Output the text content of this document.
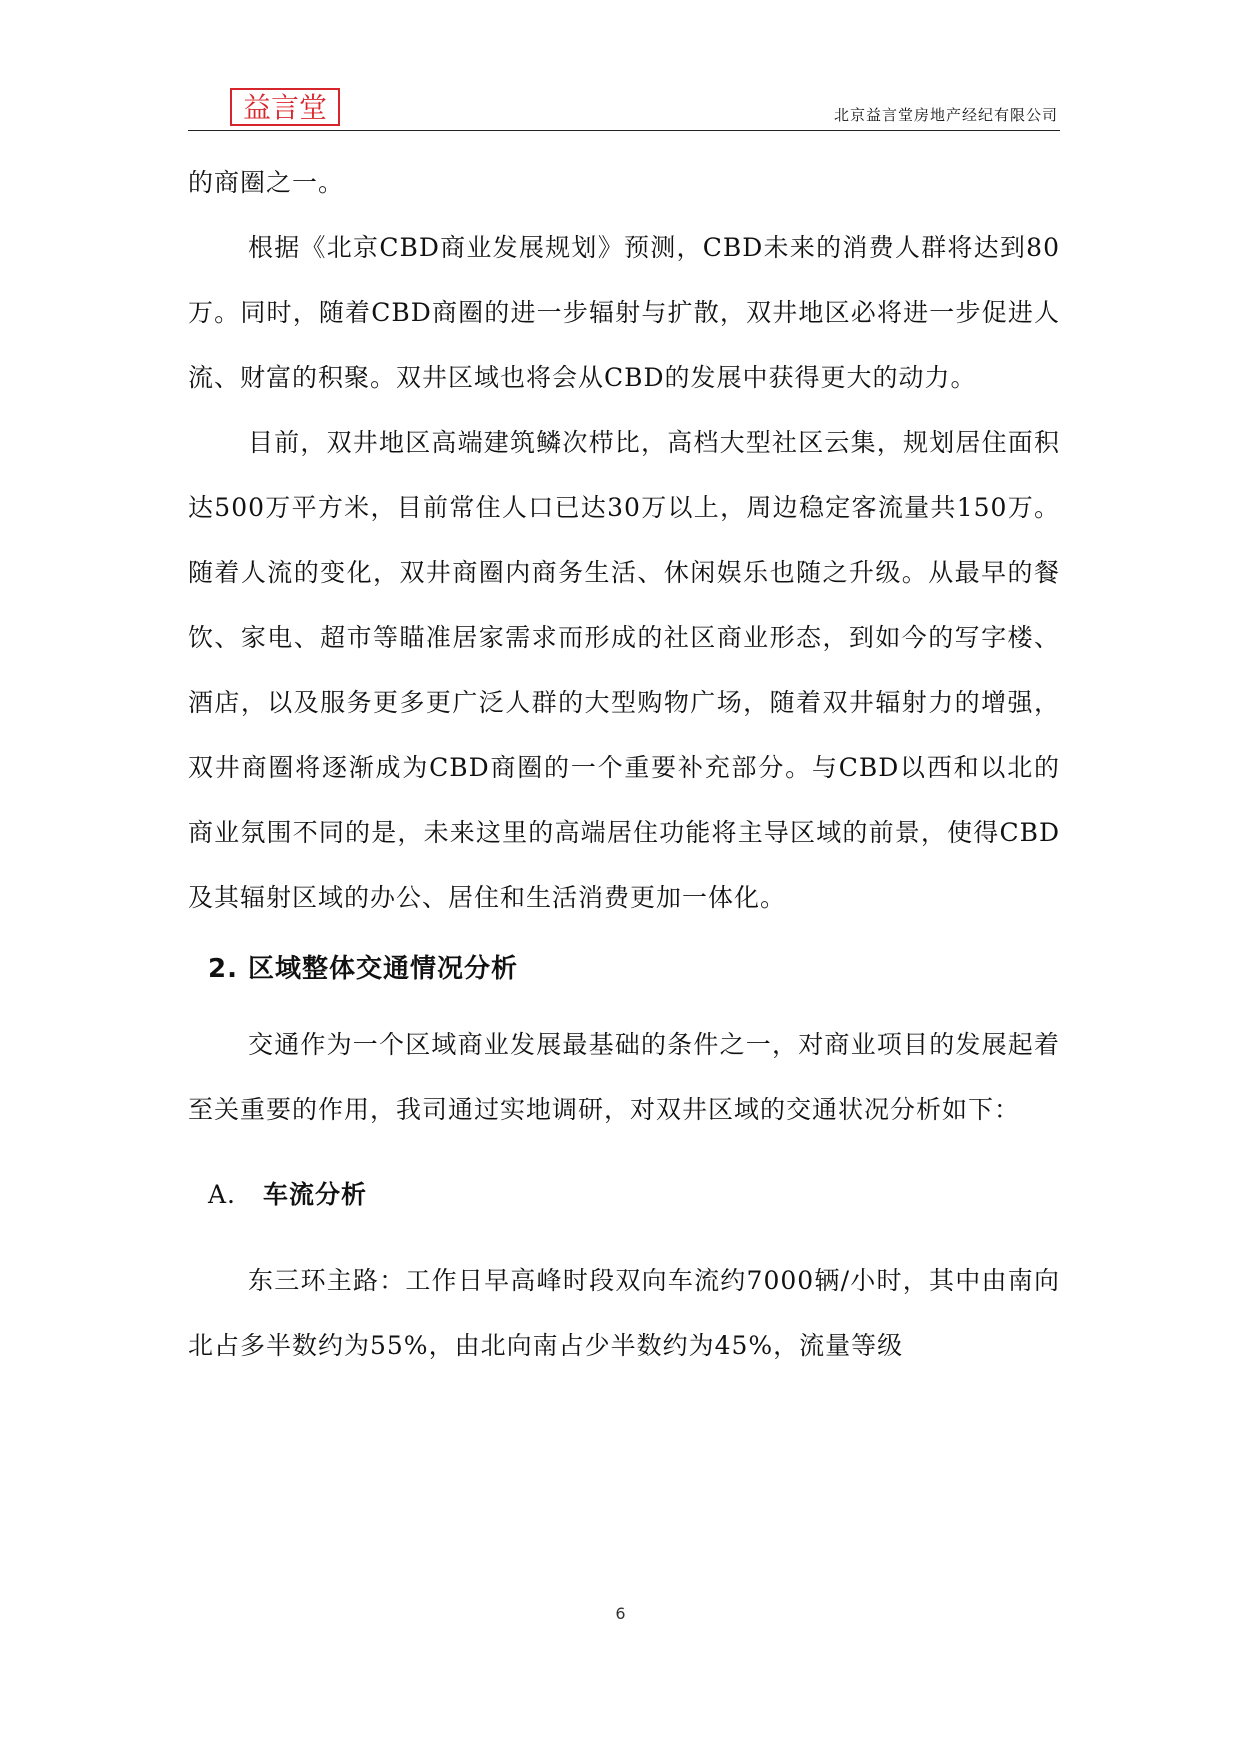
益言堂	北京益言堂房地产经纪有限公司

的商圈之一。

根据《北京CBD商业发展规划》预测，CBD未来的消费人群将达到80万。同时，随着CBD商圈的进一步辐射与扩散，双井地区必将进一步促进人流、财富的积聚。双井区域也将会从CBD的发展中获得更大的动力。

目前，双井地区高端建筑鳞次栉比，高档大型社区云集，规划居住面积达500万平方米，目前常住人口已达30万以上，周边稳定客流量共150万。随着人流的变化，双井商圈内商务生活、休闲娱乐也随之升级。从最早的餐饮、家电、超市等瞄准居家需求而形成的社区商业形态，到如今的写字楼、酒店，以及服务更多更广泛人群的大型购物广场，随着双井辐射力的增强，双井商圈将逐渐成为CBD商圈的一个重要补充部分。与CBD以西和以北的商业氛围不同的是，未来这里的高端居住功能将主导区域的前景，使得CBD及其辐射区域的办公、居住和生活消费更加一体化。

2. 区域整体交通情况分析

交通作为一个区域商业发展最基础的条件之一，对商业项目的发展起着至关重要的作用，我司通过实地调研，对双井区域的交通状况分析如下：

A. 车流分析

东三环主路：工作日早高峰时段双向车流约7000辆/小时，其中由南向北占多半数约为55%，由北向南占少半数约为45%，流量等级

6
